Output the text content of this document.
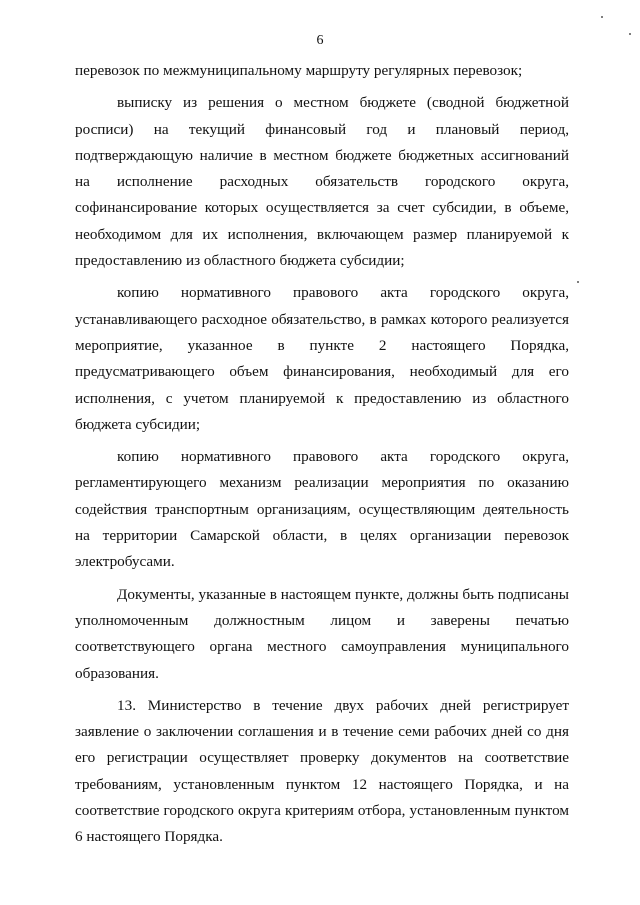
6

перевозок по межмуниципальному маршруту регулярных перевозок;

выписку из решения о местном бюджете (сводной бюджетной росписи) на текущий финансовый год и плановый период, подтверждающую наличие в местном бюджете бюджетных ассигнований на исполнение расходных обязательств городского округа, софинансирование которых осуществляется за счет субсидии, в объеме, необходимом для их исполнения, включающем размер планируемой к предоставлению из областного бюджета субсидии;

копию нормативного правового акта городского округа, устанавливающего расходное обязательство, в рамках которого реализуется мероприятие, указанное в пункте 2 настоящего Порядка, предусматривающего объем финансирования, необходимый для его исполнения, с учетом планируемой к предоставлению из областного бюджета субсидии;

копию нормативного правового акта городского округа, регламентирующего механизм реализации мероприятия по оказанию содействия транспортным организациям, осуществляющим деятельность на территории Самарской области, в целях организации перевозок электробусами.

Документы, указанные в настоящем пункте, должны быть подписаны уполномоченным должностным лицом и заверены печатью соответствующего органа местного самоуправления муниципального образования.

13. Министерство в течение двух рабочих дней регистрирует заявление о заключении соглашения и в течение семи рабочих дней со дня его регистрации осуществляет проверку документов на соответствие требованиям, установленным пунктом 12 настоящего Порядка, и на соответствие городского округа критериям отбора, установленным пунктом 6 настоящего Порядка.
